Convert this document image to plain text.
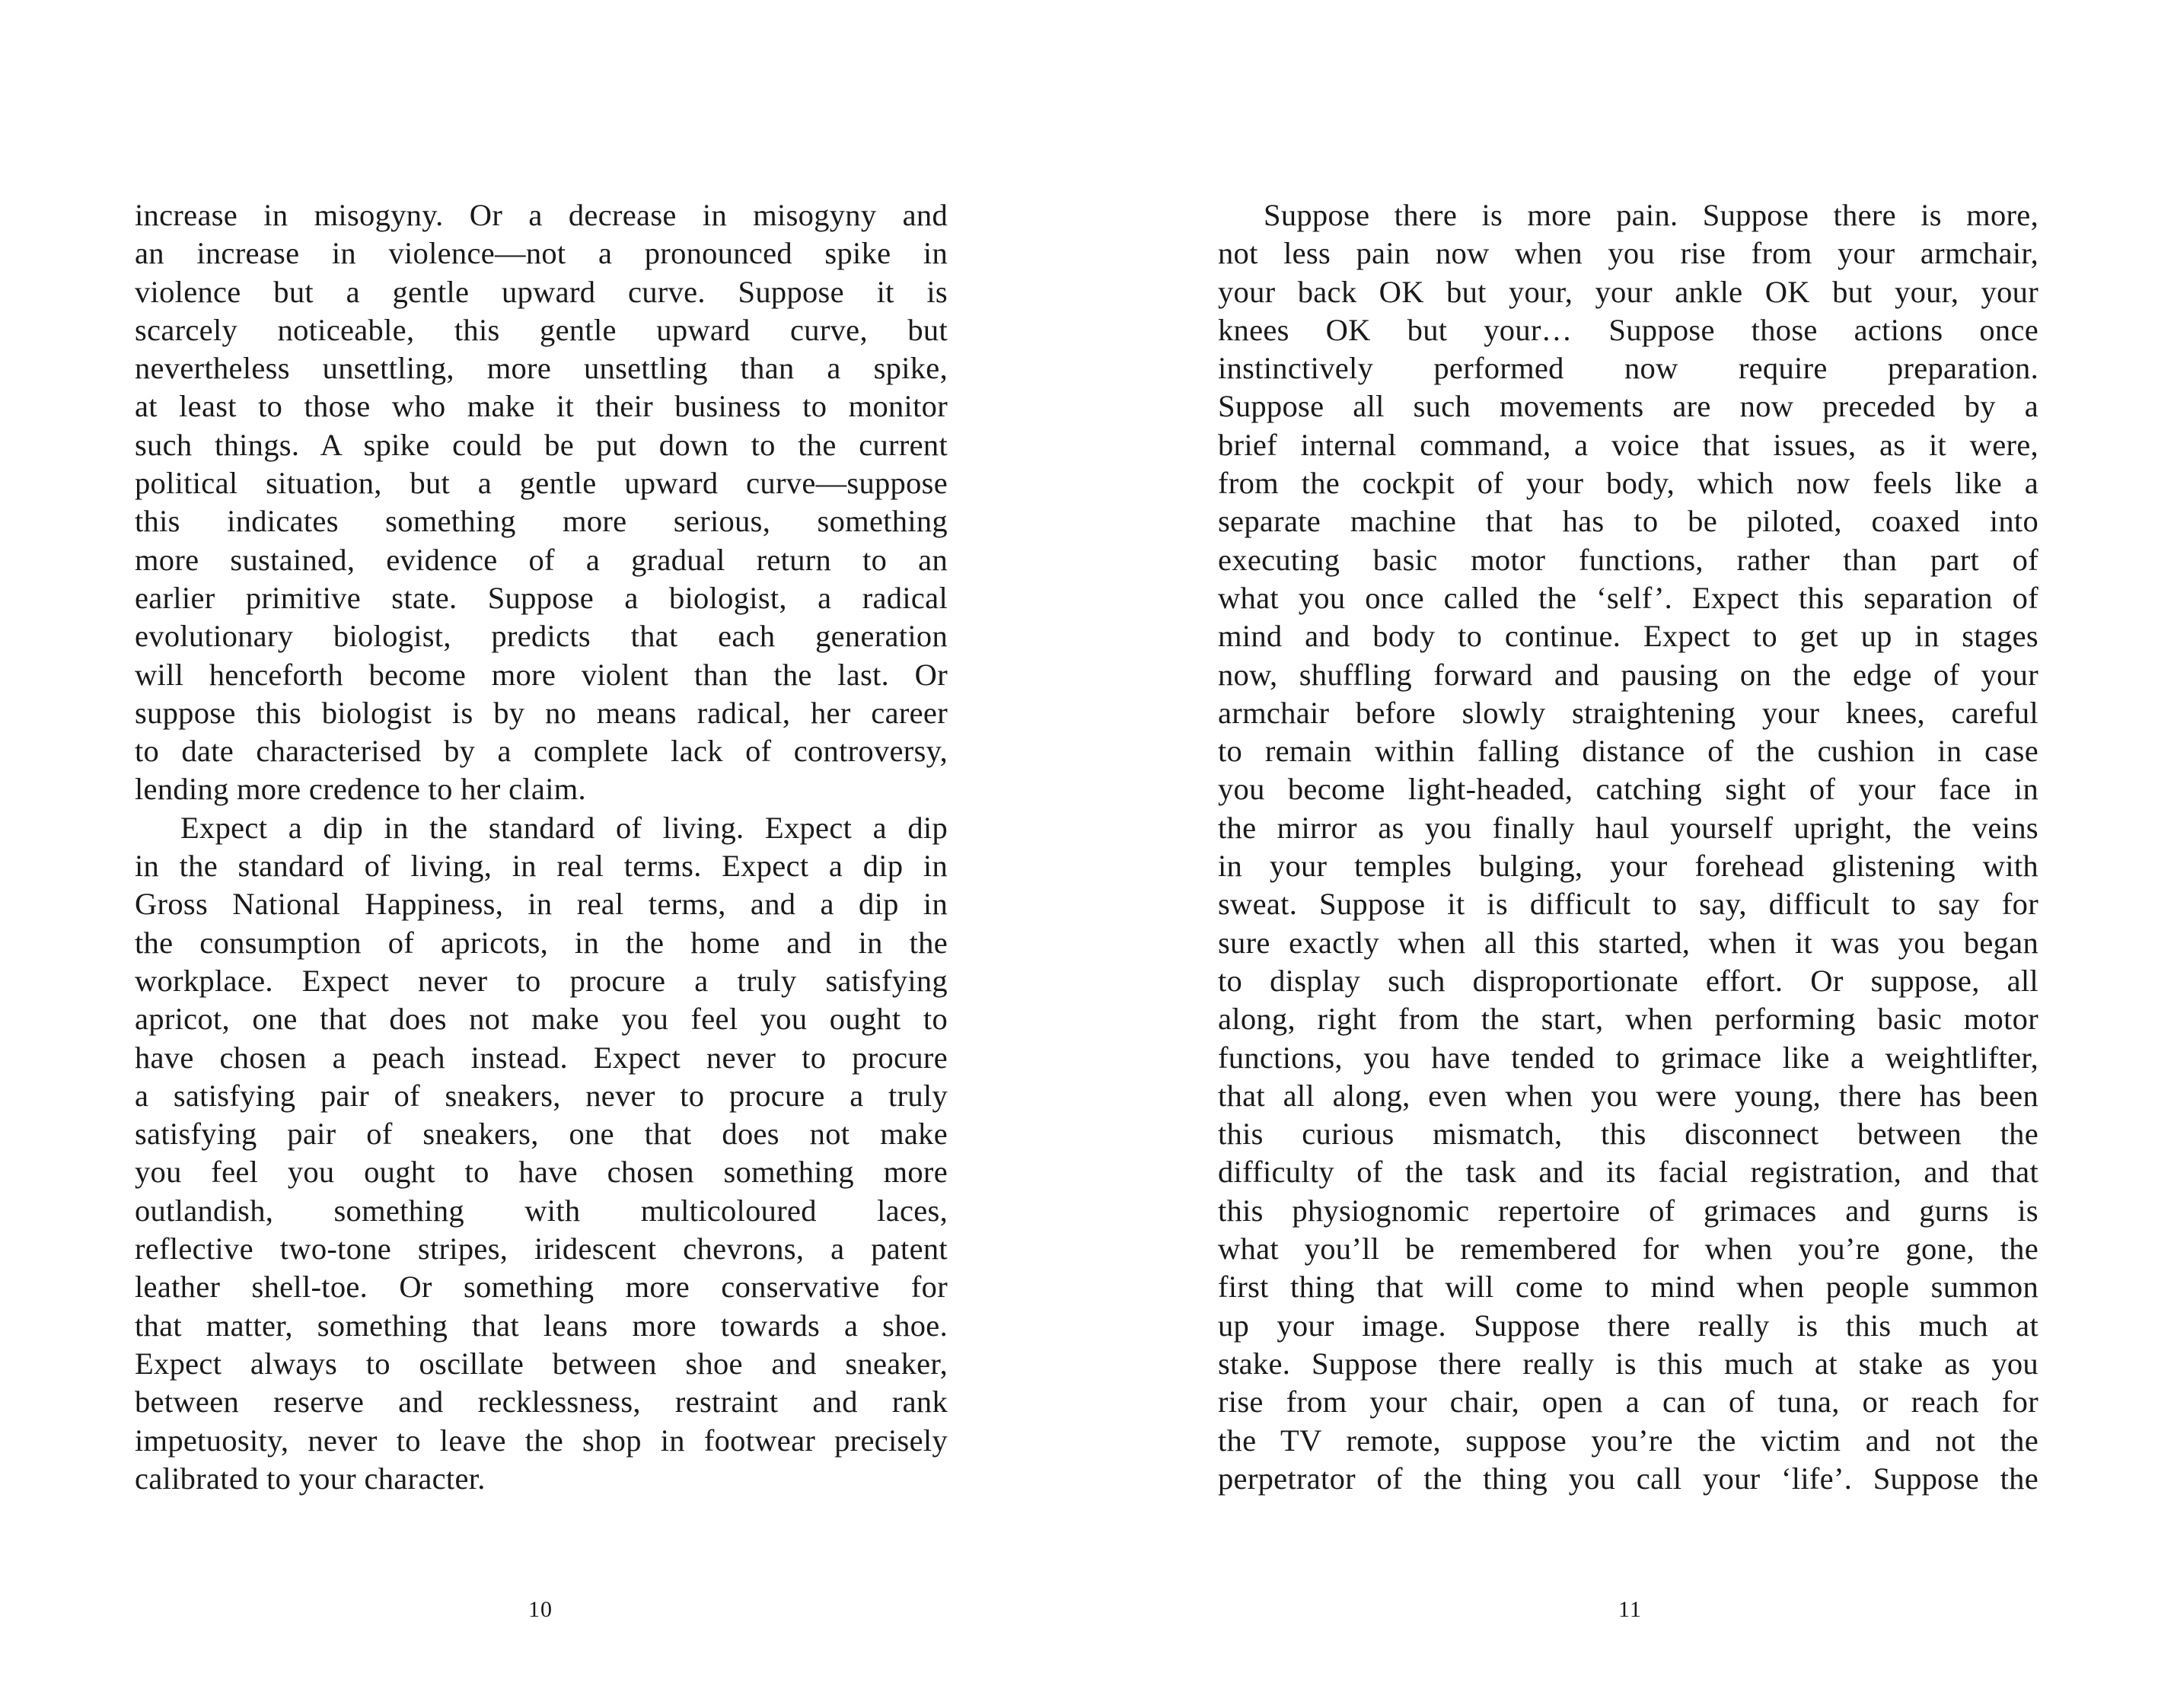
increase in misogyny. Or a decrease in misogyny and
an increase in violence—not a pronounced spike in
violence but a gentle upward curve. Suppose it is
scarcely noticeable, this gentle upward curve, but
nevertheless unsettling, more unsettling than a spike,
at least to those who make it their business to monitor
such things. A spike could be put down to the current
political situation, but a gentle upward curve—suppose
this indicates something more serious, something
more sustained, evidence of a gradual return to an
earlier primitive state. Suppose a biologist, a radical
evolutionary biologist, predicts that each generation
will henceforth become more violent than the last. Or
suppose this biologist is by no means radical, her career
to date characterised by a complete lack of controversy,
lending more credence to her claim.
Expect a dip in the standard of living. Expect a dip
in the standard of living, in real terms. Expect a dip in
Gross National Happiness, in real terms, and a dip in
the consumption of apricots, in the home and in the
workplace. Expect never to procure a truly satisfying
apricot, one that does not make you feel you ought to
have chosen a peach instead. Expect never to procure
a satisfying pair of sneakers, never to procure a truly
satisfying pair of sneakers, one that does not make
you feel you ought to have chosen something more
outlandish, something with multicoloured laces,
reflective two-tone stripes, iridescent chevrons, a patent
leather shell-toe. Or something more conservative for
that matter, something that leans more towards a shoe.
Expect always to oscillate between shoe and sneaker,
between reserve and recklessness, restraint and rank
impetuosity, never to leave the shop in footwear precisely
calibrated to your character.
10
Suppose there is more pain. Suppose there is more,
not less pain now when you rise from your armchair,
your back OK but your, your ankle OK but your, your
knees OK but your… Suppose those actions once
instinctively performed now require preparation.
Suppose all such movements are now preceded by a
brief internal command, a voice that issues, as it were,
from the cockpit of your body, which now feels like a
separate machine that has to be piloted, coaxed into
executing basic motor functions, rather than part of
what you once called the ‘self’. Expect this separation of
mind and body to continue. Expect to get up in stages
now, shuffling forward and pausing on the edge of your
armchair before slowly straightening your knees, careful
to remain within falling distance of the cushion in case
you become light-headed, catching sight of your face in
the mirror as you finally haul yourself upright, the veins
in your temples bulging, your forehead glistening with
sweat. Suppose it is difficult to say, difficult to say for
sure exactly when all this started, when it was you began
to display such disproportionate effort. Or suppose, all
along, right from the start, when performing basic motor
functions, you have tended to grimace like a weightlifter,
that all along, even when you were young, there has been
this curious mismatch, this disconnect between the
difficulty of the task and its facial registration, and that
this physiognomic repertoire of grimaces and gurns is
what you’ll be remembered for when you’re gone, the
first thing that will come to mind when people summon
up your image. Suppose there really is this much at
stake. Suppose there really is this much at stake as you
rise from your chair, open a can of tuna, or reach for
the TV remote, suppose you’re the victim and not the
perpetrator of the thing you call your ‘life’. Suppose the
11
